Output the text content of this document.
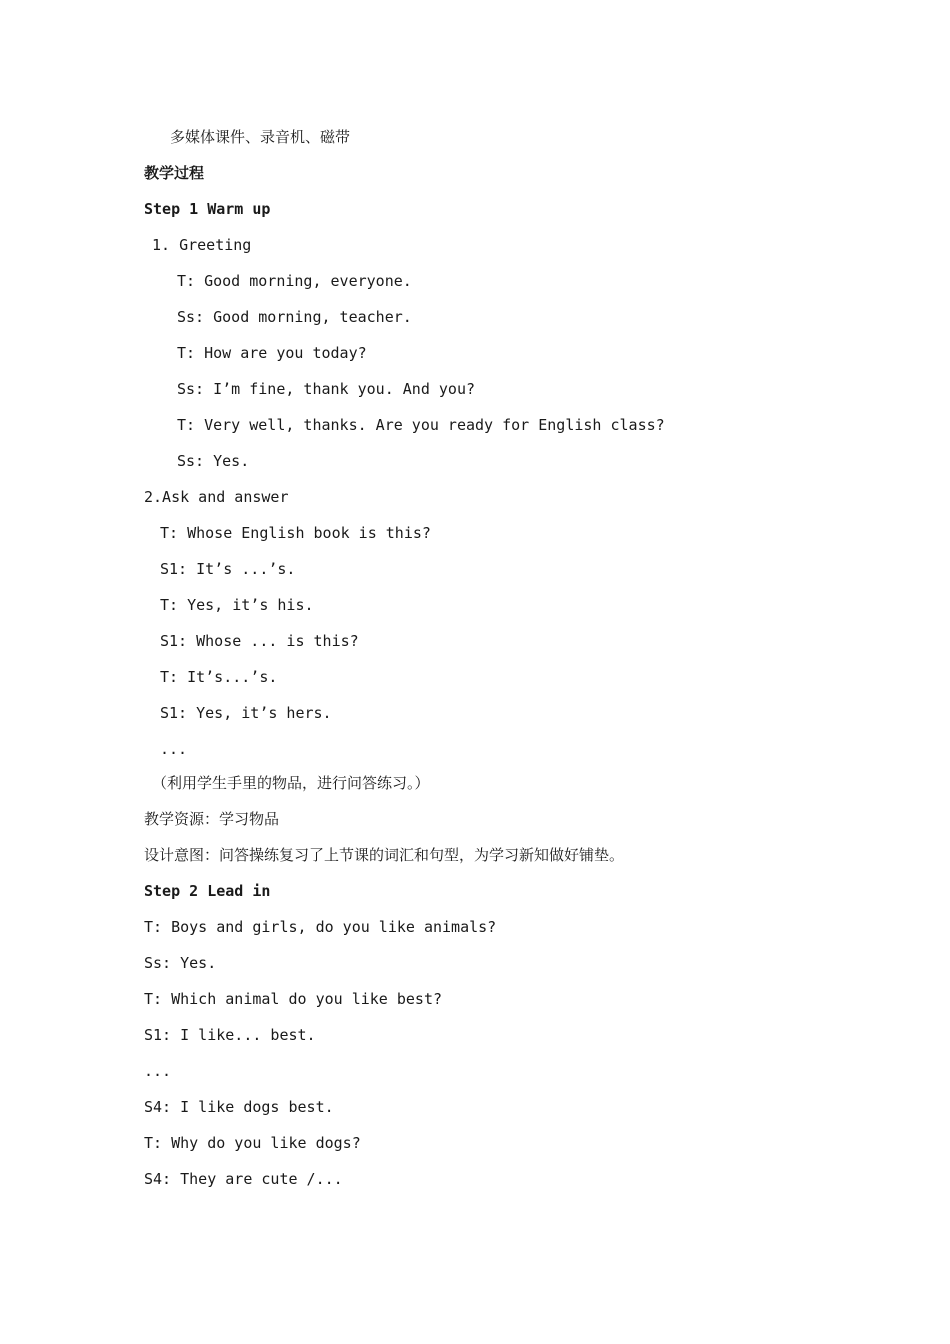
多媒体课件、录音机、磁带
教学过程
Step 1 Warm up
1. Greeting
T: Good morning, everyone.
Ss: Good morning, teacher.
T: How are you today?
Ss: I’m fine, thank you. And you?
T: Very well, thanks. Are you ready for English class?
Ss: Yes.
2.Ask and answer
T: Whose English book is this?
S1: It’s ...’s.
T: Yes, it’s his.
S1: Whose ... is this?
T: It’s...’s.
S1: Yes, it’s hers.
...
（利用学生手里的物品，进行问答练习。）
教学资源：学习物品
设计意图：问答操练复习了上节课的词汇和句型，为学习新知做好铺垫。
Step 2 Lead in
T: Boys and girls, do you like animals?
Ss: Yes.
T: Which animal do you like best?
S1: I like... best.
...
S4: I like dogs best.
T: Why do you like dogs?
S4: They are cute /...
